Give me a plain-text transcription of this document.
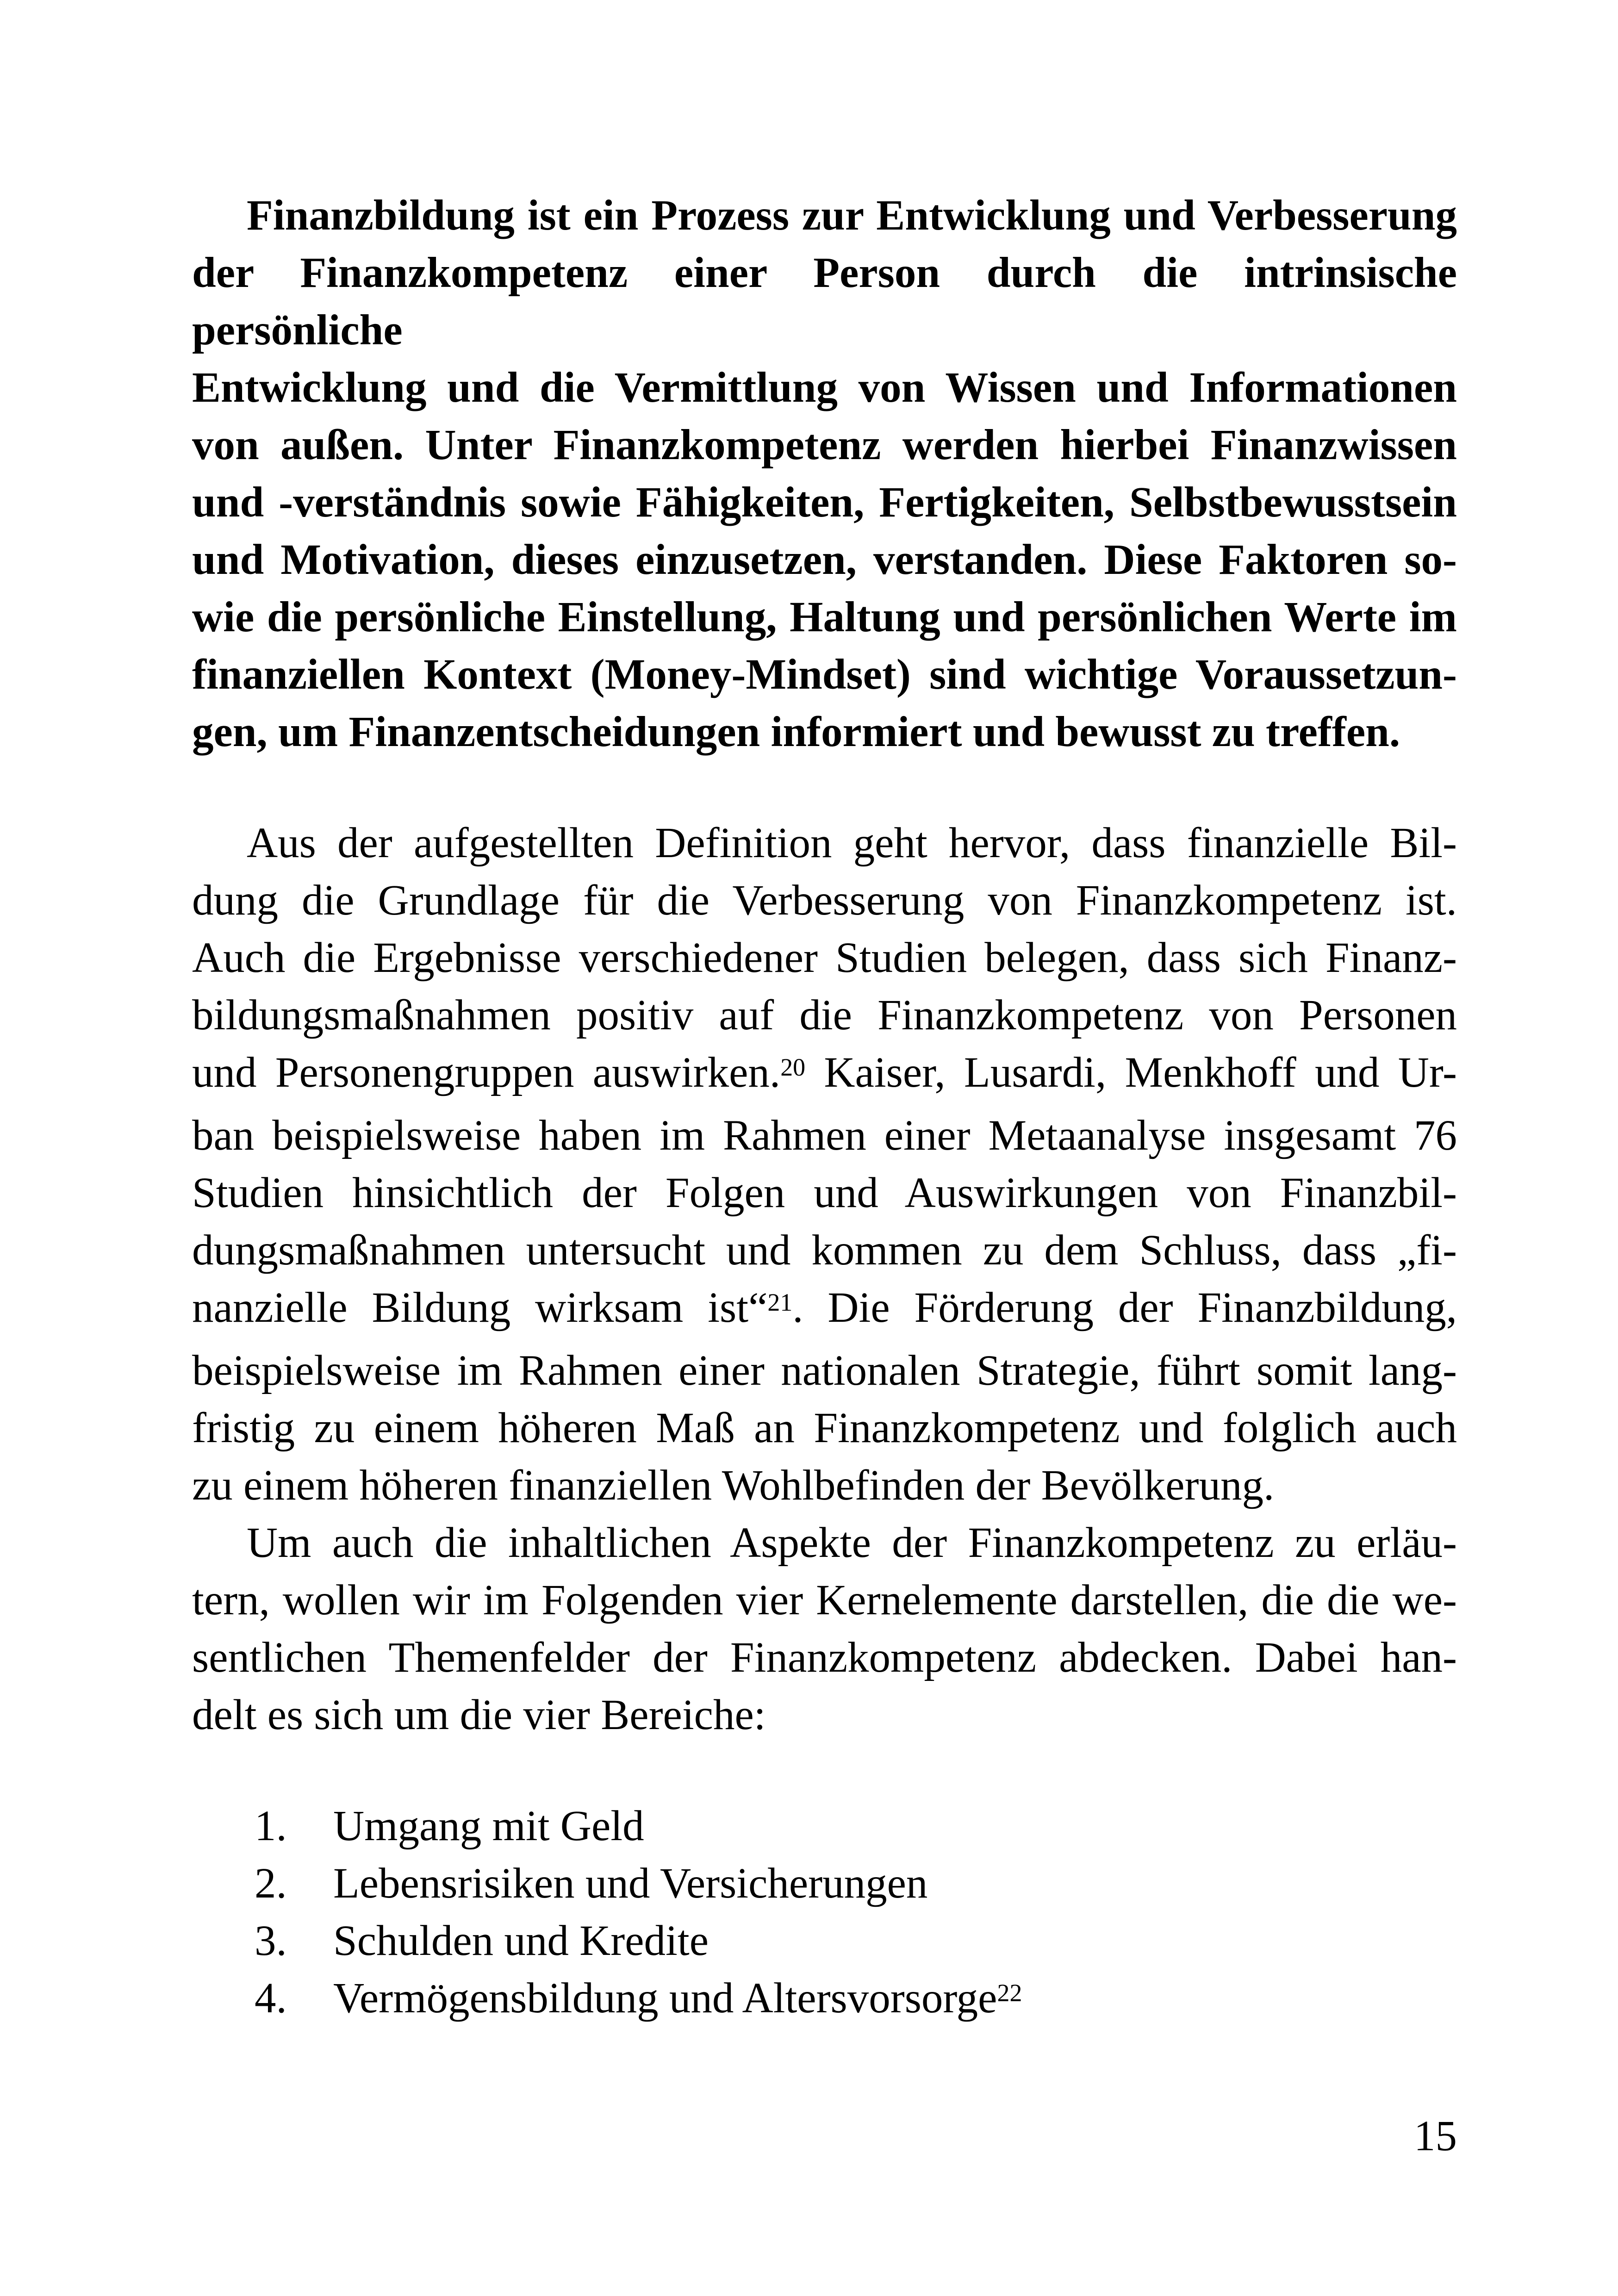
Finanzbildung ist ein Prozess zur Entwicklung und Verbesserung
der Finanzkompetenz einer Person durch die intrinsische persönliche
Entwicklung und die Vermittlung von Wissen und Informationen
von außen. Unter Finanzkompetenz werden hierbei Finanzwissen
und -verständnis sowie Fähigkeiten, Fertigkeiten, Selbstbewusstsein
und Motivation, dieses einzusetzen, verstanden. Diese Faktoren so-
wie die persönliche Einstellung, Haltung und persönlichen Werte im
finanziellen Kontext (Money-Mindset) sind wichtige Voraussetzun-
gen, um Finanzentscheidungen informiert und bewusst zu treffen.
Aus der aufgestellten Definition geht hervor, dass finanzielle Bil-
dung die Grundlage für die Verbesserung von Finanzkompetenz ist.
Auch die Ergebnisse verschiedener Studien belegen, dass sich Finanz-
bildungsmaßnahmen positiv auf die Finanzkompetenz von Personen
und Personengruppen auswirken.$^{20}$ Kaiser, Lusardi, Menkhoff und Ur-
ban beispielsweise haben im Rahmen einer Metaanalyse insgesamt 76
Studien hinsichtlich der Folgen und Auswirkungen von Finanzbil-
dungsmaßnahmen untersucht und kommen zu dem Schluss, dass „fi-
nanzielle Bildung wirksam ist“$^{21}$. Die Förderung der Finanzbildung,
beispielsweise im Rahmen einer nationalen Strategie, führt somit lang-
fristig zu einem höheren Maß an Finanzkompetenz und folglich auch
zu einem höheren finanziellen Wohlbefinden der Bevölkerung.
Um auch die inhaltlichen Aspekte der Finanzkompetenz zu erläu-
tern, wollen wir im Folgenden vier Kernelemente darstellen, die die we-
sentlichen Themenfelder der Finanzkompetenz abdecken. Dabei han-
delt es sich um die vier Bereiche:
1. Umgang mit Geld
2. Lebensrisiken und Versicherungen
3. Schulden und Kredite
4. Vermögensbildung und Altersvorsorge$^{22}$
15
